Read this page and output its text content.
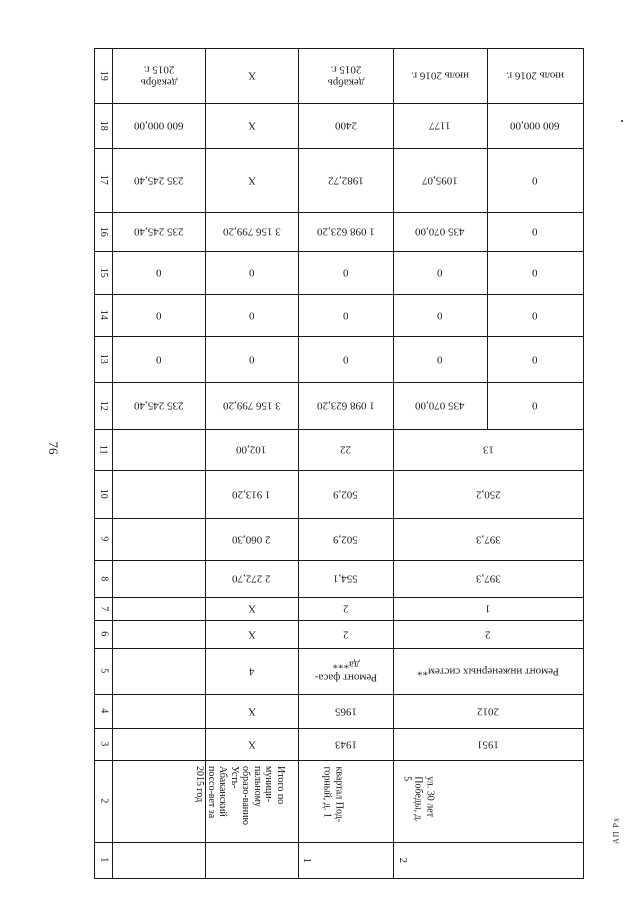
76
АП Рх
1
2
3
4
5
6
7
8
9
10
11
12
13
14
15
16
17
18
19
235 245,40
0
0
0
235 245,40
235 245,40
600 000,00
декабрь 2015 г.
Итого по муници-пальному образо-ванию Усть-Абаканский поссо-вет за 2015 год
X
X
4
X
X
2 272,70
2 060,30
1 913,20
102,00
3 156 799,20
0
0
0
3 156 799,20
X
X
X
1
квартал Под-горный, д. 1
1943
1965
Ремонт фаса-да***
2
2
554,1
502,9
502,9
22
1 098 623,20
0
0
0
1 098 623,20
1982,72
2400
декабрь 2015 г.
2
ул. 30 лет Победы, д. 5
1951
2012
Ремонт инженерных систем**
2
1
397,3
397,3
250,2
13
435 070,00
0
0
0
435 070,00
1095,07
1177
июль 2016 г.
0
0
0
0
0
0
600 000,00
июль 2016 г.
